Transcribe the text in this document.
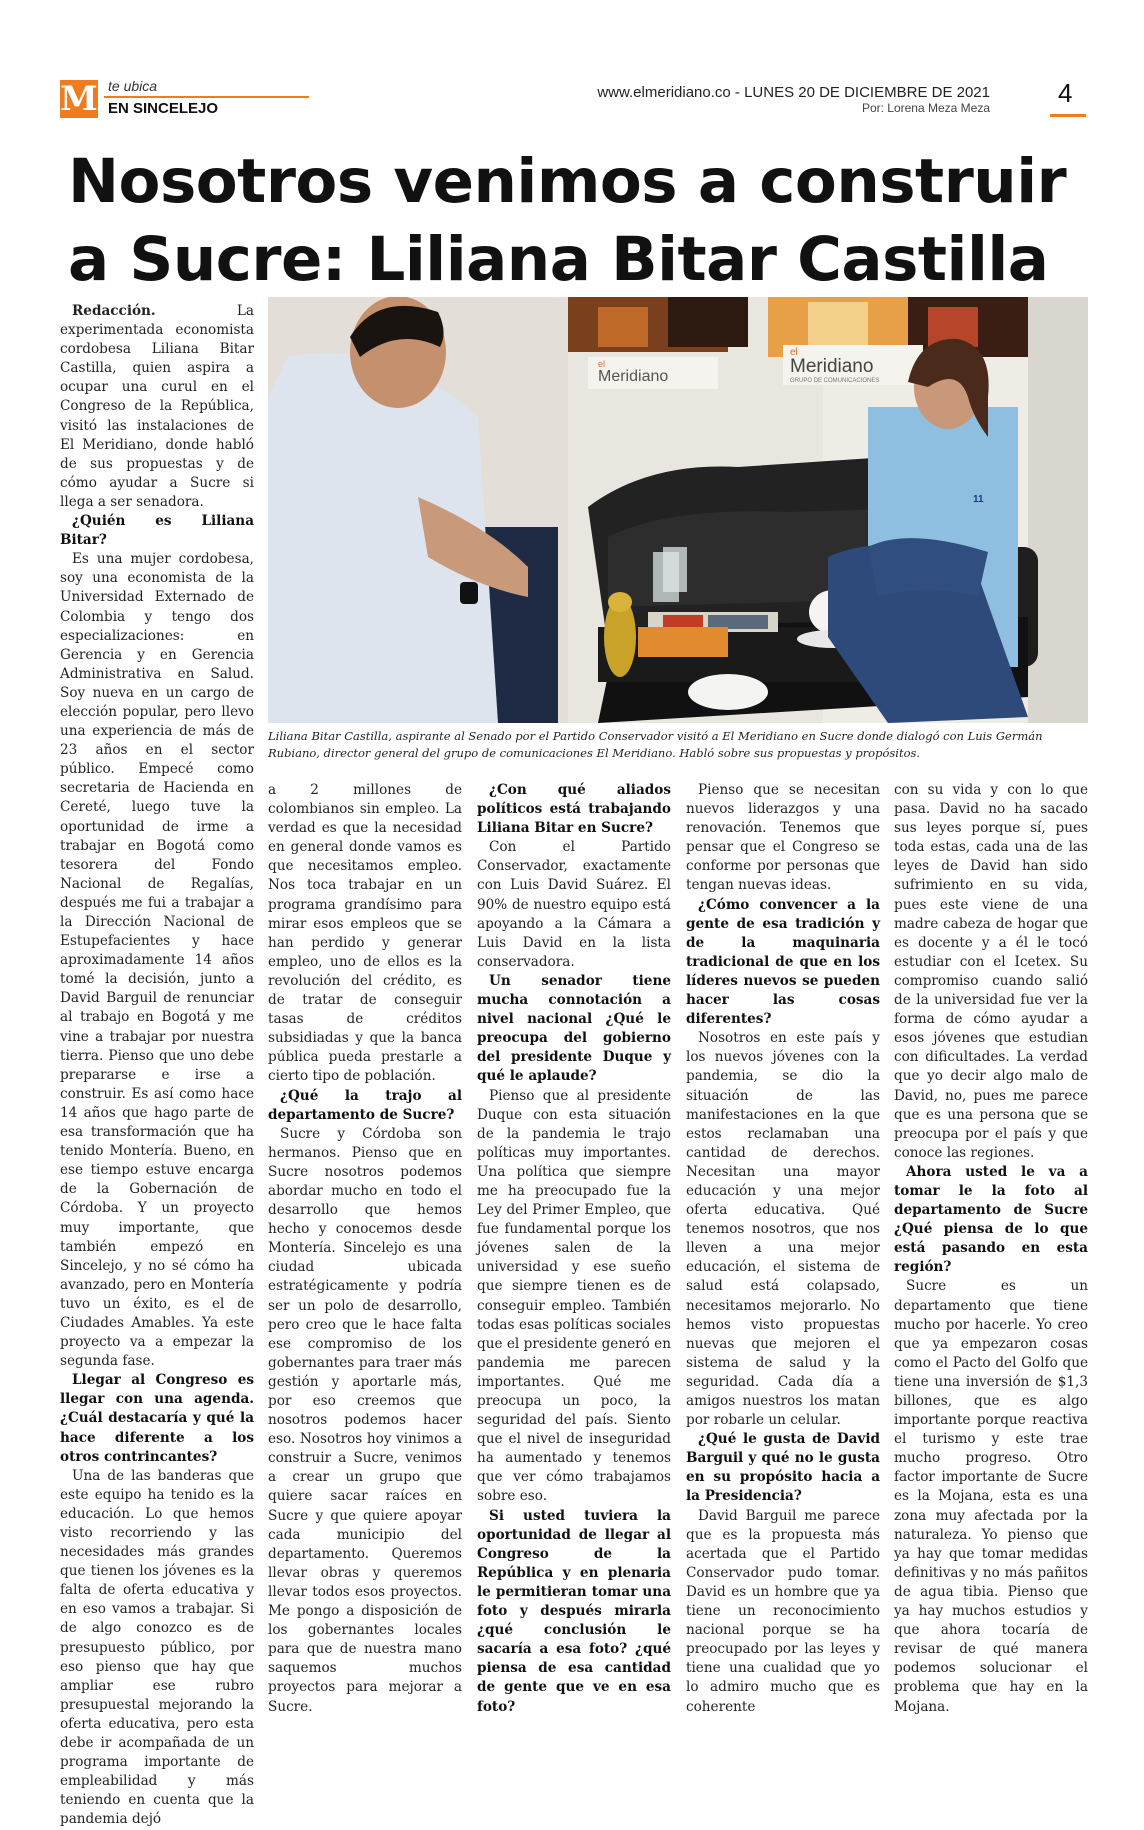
M te ubica
EN SINCELEJO
www.elmeridiano.co - LUNES 20 DE DICIEMBRE DE 2021
Por: Lorena Meza Meza	4
Nosotros venimos a construir
a Sucre: Liliana Bitar Castilla
el
Meridiano
el
Meridiano
GRUPO DE COMUNICACIONES
11
Liliana Bitar Castilla, aspirante al Senado por el Partido Conservador visitó a El Meridiano en Sucre donde dialogó con Luis Germán Rubiano, director general del grupo de comunicaciones El Meridiano. Habló sobre sus propuestas y propósitos.

Redacción.	La experimentada economista cordobesa Liliana Bitar Castilla, quien aspira a ocupar una curul en el Congreso de la República, visitó las instalaciones de El Meridiano, donde habló de sus propuestas y de cómo ayudar a Sucre si llega a ser senadora.

¿Quién es Liliana Bitar?

Es una mujer cordobesa, soy una economista de la Universidad Externado de Colombia y tengo dos especializaciones: en Gerencia y en Gerencia Administrativa en Salud. Soy nueva en un cargo de elección popular, pero llevo una experiencia de más de 23 años en el sector público. Empecé como secretaria de Hacienda en Cereté, luego tuve la oportunidad de irme a trabajar en Bogotá como tesorera del Fondo Nacional de Regalías, después me fui a trabajar a la Dirección Nacional de Estupefacientes y hace aproximadamente 14 años tomé la decisión, junto a David Barguil de renunciar al trabajo en Bogotá y me vine a trabajar por nuestra tierra. Pienso que uno debe prepararse e irse a construir. Es así como hace 14 años que hago parte de esa transformación que ha tenido Montería. Bueno, en ese tiempo estuve encarga de la Gobernación de Córdoba. Y un proyecto muy importante, que también empezó en Sincelejo, y no sé cómo ha avanzado, pero en Montería tuvo un éxito, es el de Ciudades Amables. Ya este proyecto va a empezar la segunda fase.

Llegar al Congreso es llegar con una agenda. ¿Cuál destacaría y qué la hace diferente a los otros contrincantes?

Una de las banderas que este equipo ha tenido es la educación. Lo que hemos visto recorriendo y las necesidades más grandes que tienen los jóvenes es la falta de oferta educativa y en eso vamos a trabajar. Si de algo conozco es de presupuesto público, por eso pienso que hay que ampliar ese rubro presupuestal mejorando la oferta educativa, pero esta debe ir acompañada de un programa importante de empleabilidad y más teniendo en cuenta que la pandemia dejó

a 2 millones de colombianos sin empleo. La verdad es que la necesidad en general donde vamos es que necesitamos empleo. Nos toca trabajar en un programa grandísimo para mirar esos empleos que se han perdido y generar empleo, uno de ellos es la revolución del crédito, es de tratar de conseguir tasas de créditos subsidiadas y que la banca pública pueda prestarle a cierto tipo de población.

¿Qué la trajo al departamento de Sucre?

Sucre y Córdoba son hermanos. Pienso que en Sucre nosotros podemos abordar mucho en todo el desarrollo que hemos hecho y conocemos desde Montería. Sincelejo es una ciudad ubicada estratégicamente y podría ser un polo de desarrollo, pero creo que le hace falta ese compromiso de los gobernantes para traer más gestión y aportarle más, por eso creemos que nosotros podemos hacer eso. Nosotros hoy vinimos a construir a Sucre, venimos a crear un grupo que quiere sacar raíces en Sucre y que quiere apoyar cada municipio del departamento. Queremos llevar obras y queremos llevar todos esos proyectos. Me pongo a disposición de los gobernantes locales para que de nuestra mano saquemos muchos proyectos para mejorar a Sucre.

¿Con qué aliados políticos está trabajando Liliana Bitar en Sucre?

Con el Partido Conservador, exactamente con Luis David Suárez. El 90% de nuestro equipo está apoyando a la Cámara a Luis David en la lista conservadora.

Un senador tiene mucha connotación a nivel nacional ¿Qué le preocupa del gobierno del presidente Duque y qué le aplaude?

Pienso que al presidente Duque con esta situación de la pandemia le trajo políticas muy importantes. Una política que siempre me ha preocupado fue la Ley del Primer Empleo, que fue fundamental porque los jóvenes salen de la universidad y ese sueño que siempre tienen es de conseguir empleo. También todas esas políticas sociales que el presidente generó en pandemia me parecen importantes. Qué me preocupa un poco, la seguridad del país. Siento que el nivel de inseguridad ha aumentado y tenemos que ver cómo trabajamos sobre eso.

Si usted tuviera la oportunidad de llegar al Congreso de la República y en plenaria le permitieran tomar una foto y después mirarla ¿qué conclusión le sacaría a esa foto? ¿qué piensa de esa cantidad de gente que ve en esa foto?

Pienso que se necesitan nuevos liderazgos y una renovación. Tenemos que pensar que el Congreso se conforme por personas que tengan nuevas ideas.

¿Cómo convencer a la gente de esa tradición y de la maquinaria tradicional de que en los líderes nuevos se pueden hacer las cosas diferentes?

Nosotros en este país y los nuevos jóvenes con la pandemia, se dio la situación de las manifestaciones en la que estos reclamaban una cantidad de derechos. Necesitan una mayor educación y una mejor oferta educativa. Qué tenemos nosotros, que nos lleven a una mejor educación, el sistema de salud está colapsado, necesitamos mejorarlo. No hemos visto propuestas nuevas que mejoren el sistema de salud y la seguridad. Cada día a amigos nuestros los matan por robarle un celular.

¿Qué le gusta de David Barguil y qué no le gusta en su propósito hacia a la Presidencia?

David Barguil me parece que es la propuesta más acertada que el Partido Conservador pudo tomar. David es un hombre que ya tiene un reconocimiento nacional porque se ha preocupado por las leyes y tiene una cualidad que yo lo admiro mucho que es coherente

con su vida y con lo que pasa. David no ha sacado sus leyes porque sí, pues toda estas, cada una de las leyes de David han sido sufrimiento en su vida, pues este viene de una madre cabeza de hogar que es docente y a él le tocó estudiar con el Icetex. Su compromiso cuando salió de la universidad fue ver la forma de cómo ayudar a esos jóvenes que estudian con dificultades. La verdad que yo decir algo malo de David, no, pues me parece que es una persona que se preocupa por el país y que conoce las regiones.

Ahora usted le va a tomar le la foto al departamento de Sucre ¿Qué piensa de lo que está pasando en esta región?

Sucre es un departamento que tiene mucho por hacerle. Yo creo que ya empezaron cosas como el Pacto del Golfo que tiene una inversión de $1,3 billones, que es algo importante porque reactiva el turismo y este trae mucho progreso. Otro factor importante de Sucre es la Mojana, esta es una zona muy afectada por la naturaleza. Yo pienso que ya hay que tomar medidas definitivas y no más pañitos de agua tibia. Pienso que ya hay muchos estudios y que ahora tocaría de revisar de qué manera podemos solucionar el problema que hay en la Mojana.
